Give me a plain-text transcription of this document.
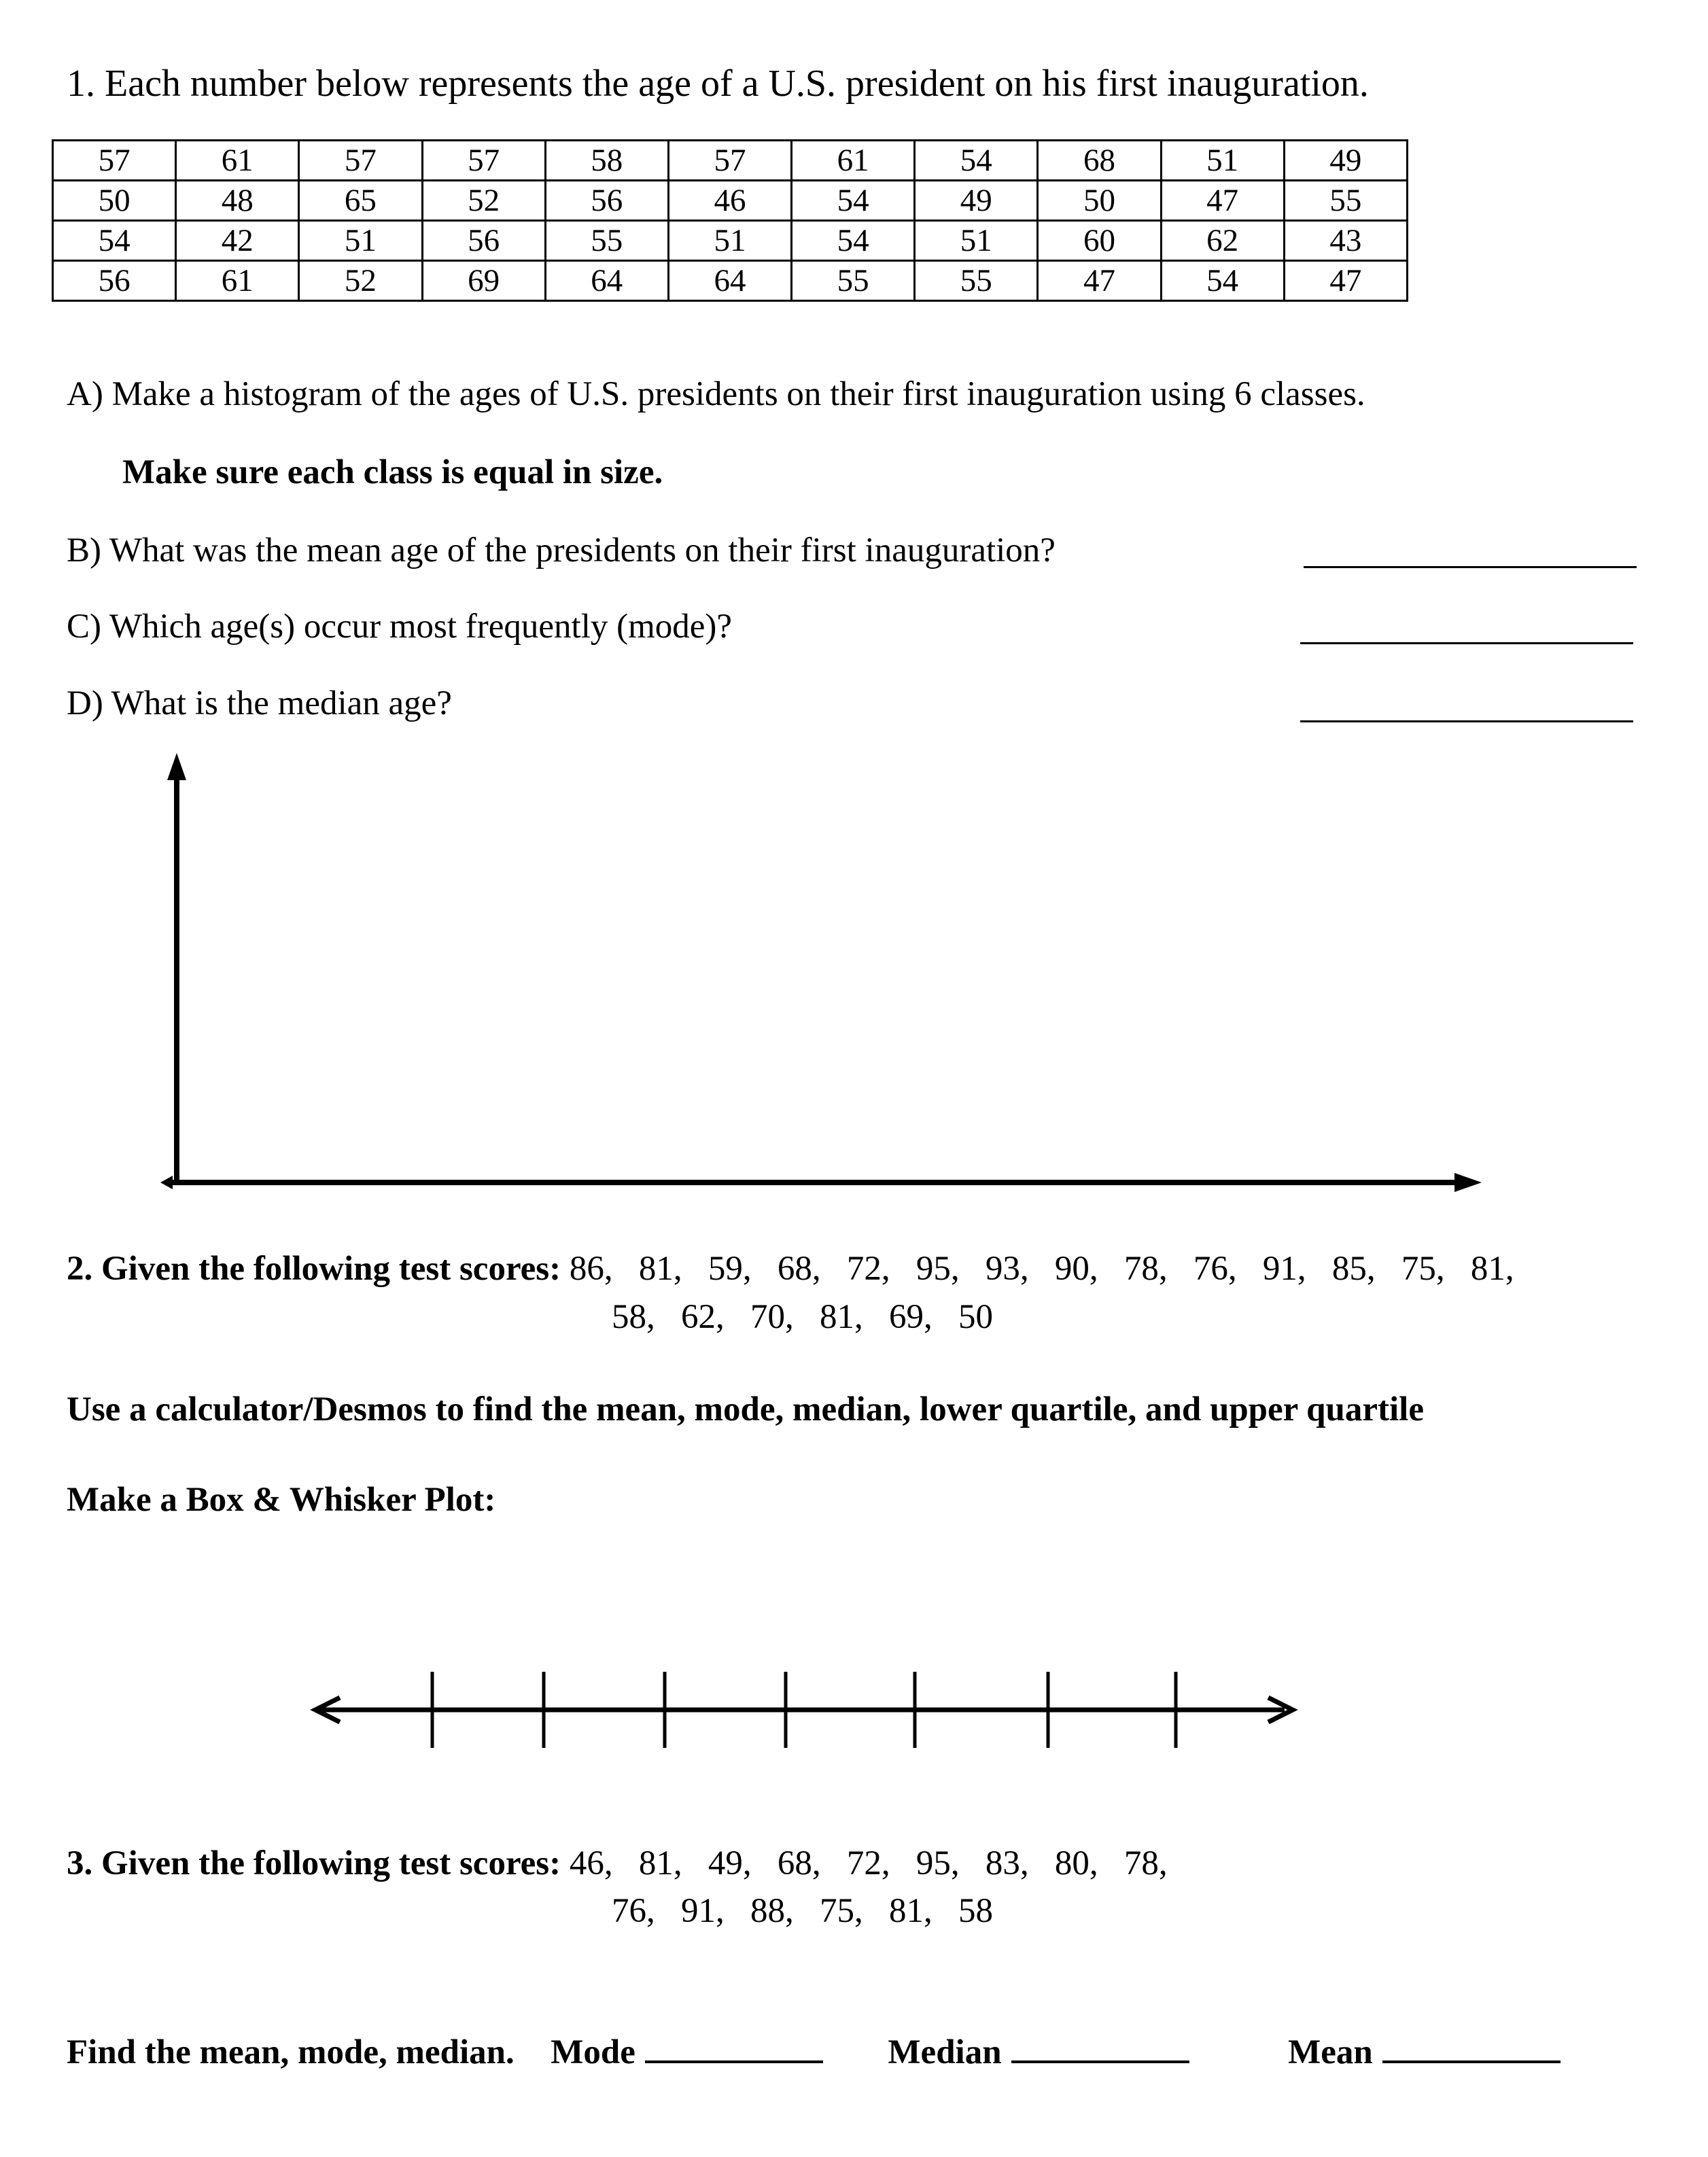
1. Each number below represents the age of a U.S. president on his first inauguration.
57	61	57	57	58	57	61	54	68	51	49
50	48	65	52	56	46	54	49	50	47	55
54	42	51	56	55	51	54	51	60	62	43
56	61	52	69	64	64	55	55	47	54	47
A) Make a histogram of the ages of U.S. presidents on their first inauguration using 6 classes.
Make sure each class is equal in size.
B) What was the mean age of the presidents on their first inauguration?
C) Which age(s) occur most frequently (mode)?
D) What is the median age?
2. Given the following test scores: 86,   81,   59,   68,   72,   95,   93,   90,   78,   76,   91,   85,   75,   81,
58,   62,   70,   81,   69,   50
Use a calculator/Desmos to find the mean, mode, median, lower quartile, and upper quartile
Make a Box & Whisker Plot:
3. Given the following test scores: 46,   81,   49,   68,   72,   95,   83,   80,   78,
76,   91,   88,   75,   81,   58
Find the mean, mode, median. Mode	Median	Mean
